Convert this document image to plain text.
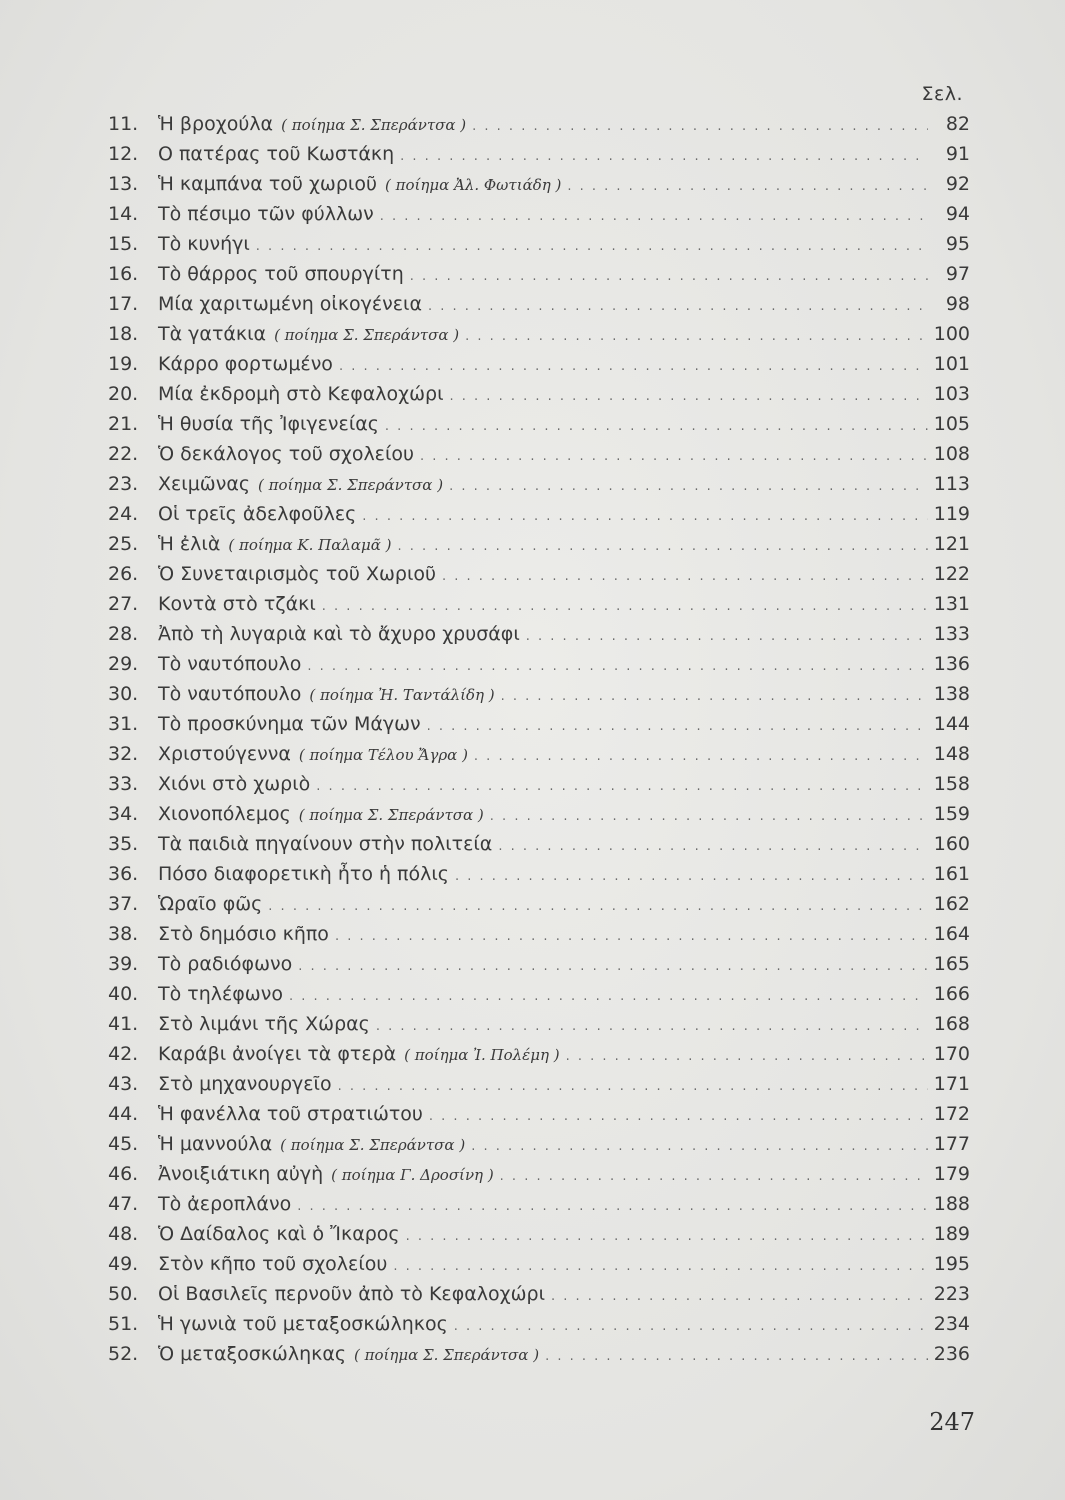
Σελ.
11.	Ἡ βροχούλα ( ποίημα Σ. Σπεράντσα ) . . .	82
12.	Ο πατέρας τοῦ Κωστάκη . . .	91
13.	Ἡ καμπάνα τοῦ χωριοῦ ( ποίημα Ἀλ. Φωτιάδη ) . . .	92
14.	Τὸ πέσιμο τῶν φύλλων . . .	94
15.	Τὸ κυνήγι . . .	95
16.	Τὸ θάρρος τοῦ σπουργίτη . . .	97
17.	Μία χαριτωμένη οἰκογένεια . . .	98
18.	Τὰ γατάκια ( ποίημα Σ. Σπεράντσα ) . . .	100
19.	Κάρρο φορτωμένο . . .	101
20.	Μία ἐκδρομὴ στὸ Κεφαλοχώρι . . .	103
21.	Ἡ θυσία τῆς Ἰφιγενείας . . .	105
22.	Ὁ δεκάλογος τοῦ σχολείου . . .	108
23.	Χειμῶνας ( ποίημα Σ. Σπεράντσα ) . . .	113
24.	Οἱ τρεῖς ἀδελφοῦλες . . .	119
25.	Ἡ ἐλιὰ ( ποίημα Κ. Παλαμᾶ ) . . .	121
26.	Ὁ Συνεταιρισμὸς τοῦ Χωριοῦ . . .	122
27.	Κοντὰ στὸ τζάκι . . .	131
28.	Ἀπὸ τὴ λυγαριὰ καὶ τὸ ἄχυρο χρυσάφι . . .	133
29.	Τὸ ναυτόπουλο . . .	136
30.	Τὸ ναυτόπουλο ( ποίημα Ἠ. Ταντάλίδη ) . . .	138
31.	Τὸ προσκύνημα τῶν Μάγων . . .	144
32.	Χριστούγεννα ( ποίημα Τέλου Ἄγρα ) . . .	148
33.	Χιόνι στὸ χωριὸ . . .	158
34.	Χιονοπόλεμος ( ποίημα Σ. Σπεράντσα ) . . .	159
35.	Τὰ παιδιὰ πηγαίνουν στὴν πολιτεία . . .	160
36.	Πόσο διαφορετικὴ ἦτο ἡ πόλις . . .	161
37.	Ὡραῖο φῶς . . .	162
38.	Στὸ δημόσιο κῆπο . . .	164
39.	Τὸ ραδιόφωνο . . .	165
40.	Τὸ τηλέφωνο . . .	166
41.	Στὸ λιμάνι τῆς Χώρας . . .	168
42.	Καράβι ἀνοίγει τὰ φτερὰ ( ποίημα Ἰ. Πολέμη ) . . .	170
43.	Στὸ μηχανουργεῖο . . .	171
44.	Ἡ φανέλλα τοῦ στρατιώτου . . .	172
45.	Ἡ μαννούλα ( ποίημα Σ. Σπεράντσα ) . . .	177
46.	Ἀνοιξιάτικη αὐγὴ ( ποίημα Γ. Δροσίνη ) . . .	179
47.	Τὸ ἀεροπλάνο . . .	188
48.	Ὁ Δαίδαλος καὶ ὁ Ἴκαρος . . .	189
49.	Στὸν κῆπο τοῦ σχολείου . . .	195
50.	Οἱ Βασιλεῖς περνοῦν ἀπὸ τὸ Κεφαλοχώρι . . .	223
51.	Ἡ γωνιὰ τοῦ μεταξοσκώληκος . . .	234
52.	Ὁ μεταξοσκώληκας ( ποίημα Σ. Σπεράντσα ) . . .	236
247
